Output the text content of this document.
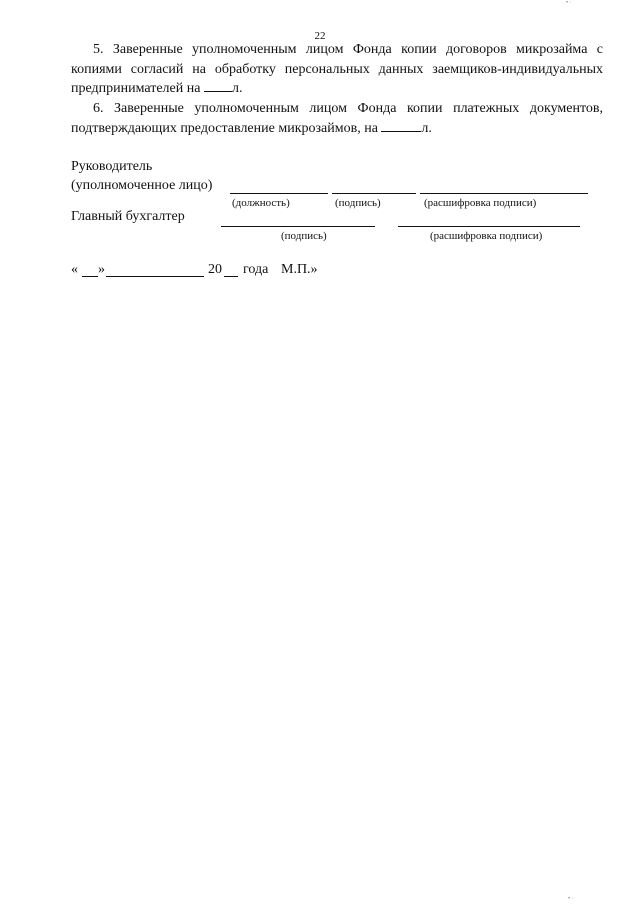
22

5. Заверенные уполномоченным лицом Фонда копии договоров микрозайма с копиями согласий на обработку персональных данных заемщиков-индивидуальных предпринимателей на л.

6. Заверенные уполномоченным лицом Фонда копии платежных документов, подтверждающих предоставление микрозаймов, на	л.

Руководитель
(уполномоченное лицо)
(должность)	(подпись)	(расшифровка подписи)
Главный бухгалтер
(подпись)	(расшифровка подписи)
« »	20 года М.П.»
• ·
• ·
